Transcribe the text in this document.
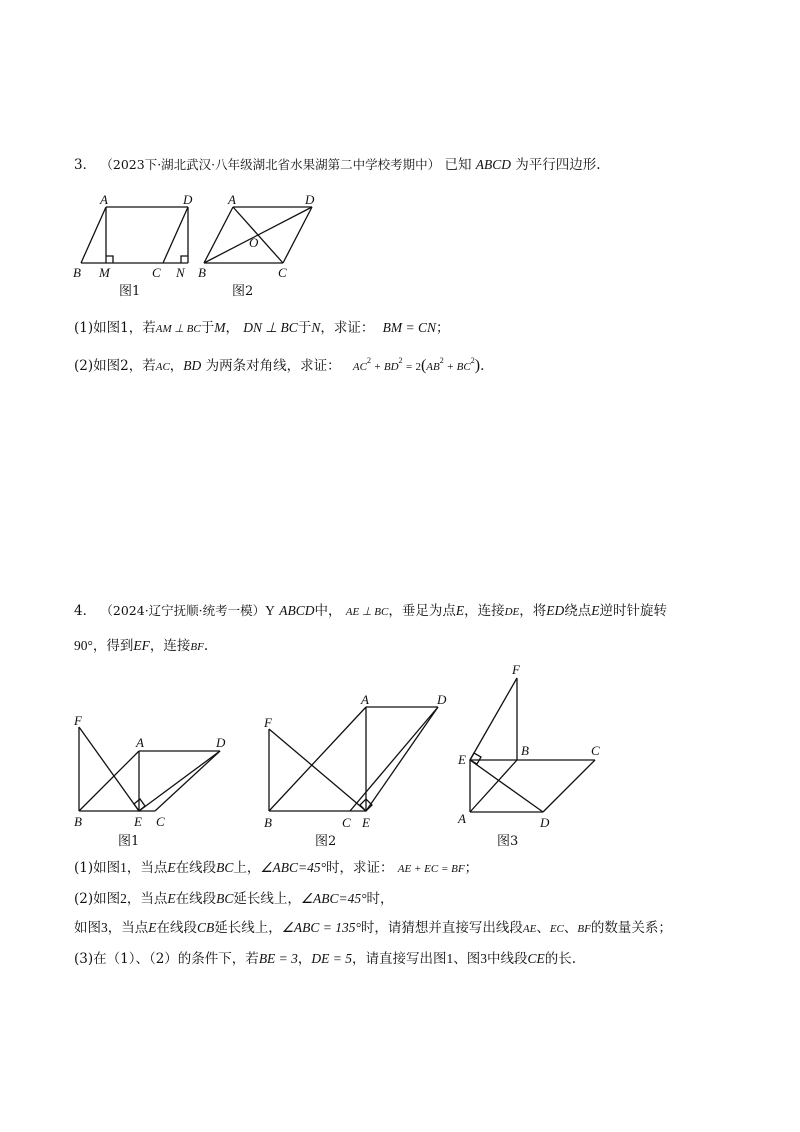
3． （2023下·湖北武汉·八年级湖北省水果湖第二中学校考期中） 已知 ABCD 为平行四边形.
A	D
B M	C N
图1
A	D
O
B	C
图2
(1)如图1，若AM ⊥ BC于M， DN ⊥ BC于N，求证： BM = CN；
(2)如图2，若AC，BD 为两条对角线，求证： $AC^2 + BD^2 = 2(AB^2 + BC^2)$.
4． （2024·辽宁抚顺·统考一模）Y ABCD中， AE ⊥ BC，垂足为点E，连接DE，将ED绕点E逆时针旋转
90°，得到EF，连接BF.
F
A	D
B	E C
图1
F
A	D
B	C E
图2
F
E
B	C
A	D
图3
(1)如图1，当点E在线段BC上，∠ABC=45°时，求证： AE + EC = BF；
(2)如图2，当点E在线段BC延长线上，∠ABC=45°时，
如图3，当点E在线段CB延长线上，∠ABC = 135°时，请猜想并直接写出线段AE、EC、BF的数量关系；
(3)在（1）、（2）的条件下，若BE = 3，DE = 5，请直接写出图1、图3中线段CE的长.
